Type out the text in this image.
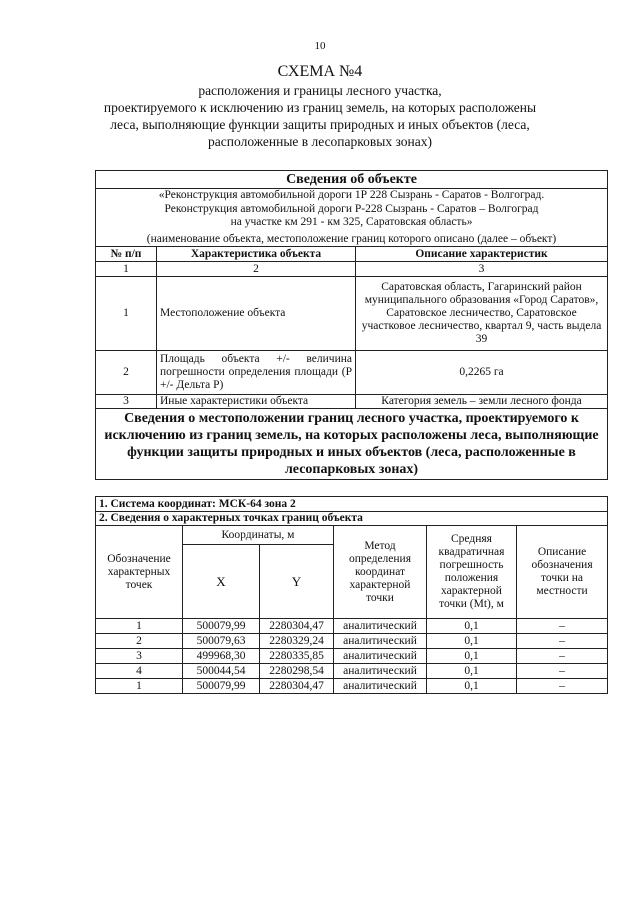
10
СХЕМА №4
расположения и границы лесного участка,
проектируемого к исключению из границ земель, на которых расположены
леса, выполняющие функции защиты природных и иных объектов (леса,
расположенные в лесопарковых зонах)
Сведения об объекте		

«Реконструкция автомобильной дороги 1Р 228 Сызрань - Саратов - Волгоград.
Реконструкция автомобильной дороги Р-228 Сызрань - Саратов – Волгоград
на участке км 291 - км 325, Саратовская область»
(наименование объекта, местоположение границ которого описано (далее – объект)		

№ п/п	Характеристика объекта	Описание характеристик
1	2	3
1	Местоположение объекта	Саратовская область, Гагаринский район муниципального образования «Город Саратов», Саратовское лесничество, Саратовское участковое лесничество, квартал 9, часть выдела 39
2	Площадь объекта +/- величина погрешности определения площади (Р +/- Дельта Р)	0,2265 га
3	Иные характеристики объекта	Категория земель – земли лесного фонда
Сведения о местоположении границ лесного участка, проектируемого к исключению из границ земель, на которых расположены леса, выполняющие функции защиты природных и иных объектов (леса, расположенные в лесопарковых зонах)		
1. Система координат: МСК-64 зона 2					
2. Сведения о характерных точках границ объекта					
Обозначение характерных точек	Координаты, м		Метод определения координат характерной точки	Средняя квадратичная погрешность положения характерной точки (Mt), м	Описание обозначения точки на местности
	X	Y			
1	500079,99	2280304,47	аналитический	0,1	–
2	500079,63	2280329,24	аналитический	0,1	–
3	499968,30	2280335,85	аналитический	0,1	–
4	500044,54	2280298,54	аналитический	0,1	–
1	500079,99	2280304,47	аналитический	0,1	–
